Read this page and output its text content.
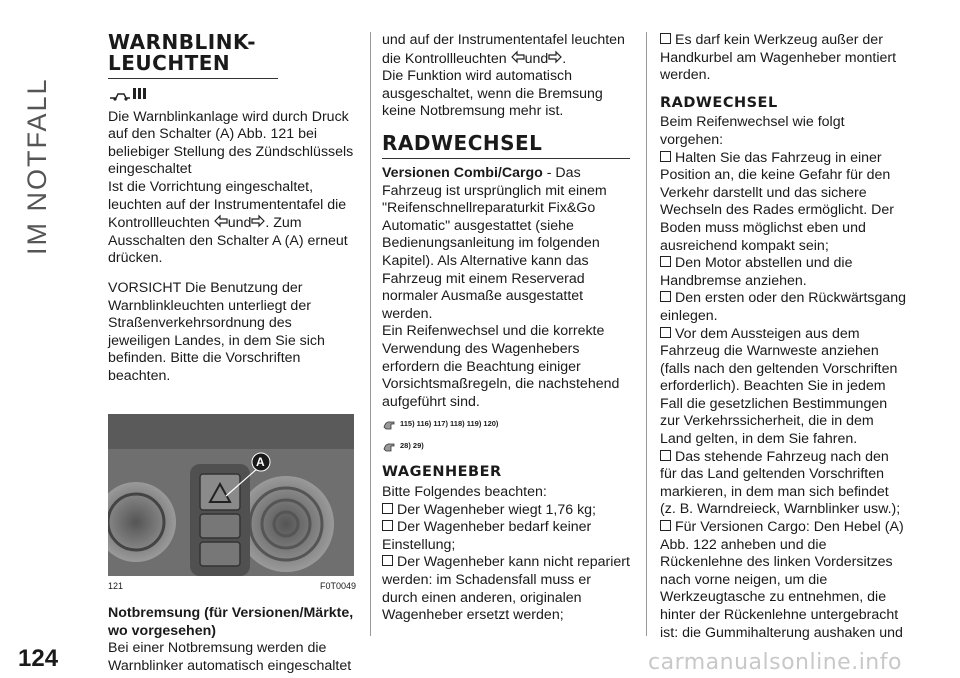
IM NOTFALL
WARNBLINK-LEUCHTEN

Die Warnblinkanlage wird durch Druck auf den Schalter (A) Abb. 121 bei beliebiger Stellung des Zündschlüssels eingeschaltet

Ist die Vorrichtung eingeschaltet, leuchten auf der Instrumententafel die Kontrollleuchten und . Zum Ausschalten den Schalter A (A) erneut drücken.

VORSICHT Die Benutzung der Warnblinkleuchten unterliegt der Straßenverkehrsordnung des jeweiligen Landes, in dem Sie sich befinden. Bitte die Vorschriften beachten.

A
121	F0T0049

Notbremsung (für Versionen/Märkte, wo vorgesehen)

Bei einer Notbremsung werden die Warnblinker automatisch eingeschaltet

und auf der Instrumententafel leuchten die Kontrollleuchten und .

Die Funktion wird automatisch ausgeschaltet, wenn die Bremsung keine Notbremsung mehr ist.

RADWECHSEL

Versionen Combi/Cargo - Das Fahrzeug ist ursprünglich mit einem "Reifenschnellreparaturkit Fix&Go Automatic" ausgestattet (siehe Bedienungsanleitung im folgenden Kapitel). Als Alternative kann das Fahrzeug mit einem Reserverad normaler Ausmaße ausgestattet werden.

Ein Reifenwechsel und die korrekte Verwendung des Wagenhebers erfordern die Beachtung einiger Vorsichtsmaßregeln, die nachstehend aufgeführt sind.

115) 116) 117) 118) 119) 120)
28) 29)
WAGENHEBER

Bitte Folgendes beachten:

Der Wagenheber wiegt 1,76 kg;

Der Wagenheber bedarf keiner Einstellung;

Der Wagenheber kann nicht repariert werden: im Schadensfall muss er durch einen anderen, originalen Wagenheber ersetzt werden;

Es darf kein Werkzeug außer der Handkurbel am Wagenheber montiert werden.

RADWECHSEL

Beim Reifenwechsel wie folgt vorgehen:

Halten Sie das Fahrzeug in einer Position an, die keine Gefahr für den Verkehr darstellt und das sichere Wechseln des Rades ermöglicht. Der Boden muss möglichst eben und ausreichend kompakt sein;

Den Motor abstellen und die Handbremse anziehen.

Den ersten oder den Rückwärtsgang einlegen.

Vor dem Aussteigen aus dem Fahrzeug die Warnweste anziehen (falls nach den geltenden Vorschriften erforderlich). Beachten Sie in jedem Fall die gesetzlichen Bestimmungen zur Verkehrssicherheit, die in dem Land gelten, in dem Sie fahren.

Das stehende Fahrzeug nach den für das Land geltenden Vorschriften markieren, in dem man sich befindet (z. B. Warndreieck, Warnblinker usw.);

Für Versionen Cargo: Den Hebel (A) Abb. 122 anheben und die Rückenlehne des linken Vordersitzes nach vorne neigen, um die Werkzeugtasche zu entnehmen, die hinter der Rückenlehne untergebracht ist: die Gummihalterung aushaken und

124	carmanualsonline.info
